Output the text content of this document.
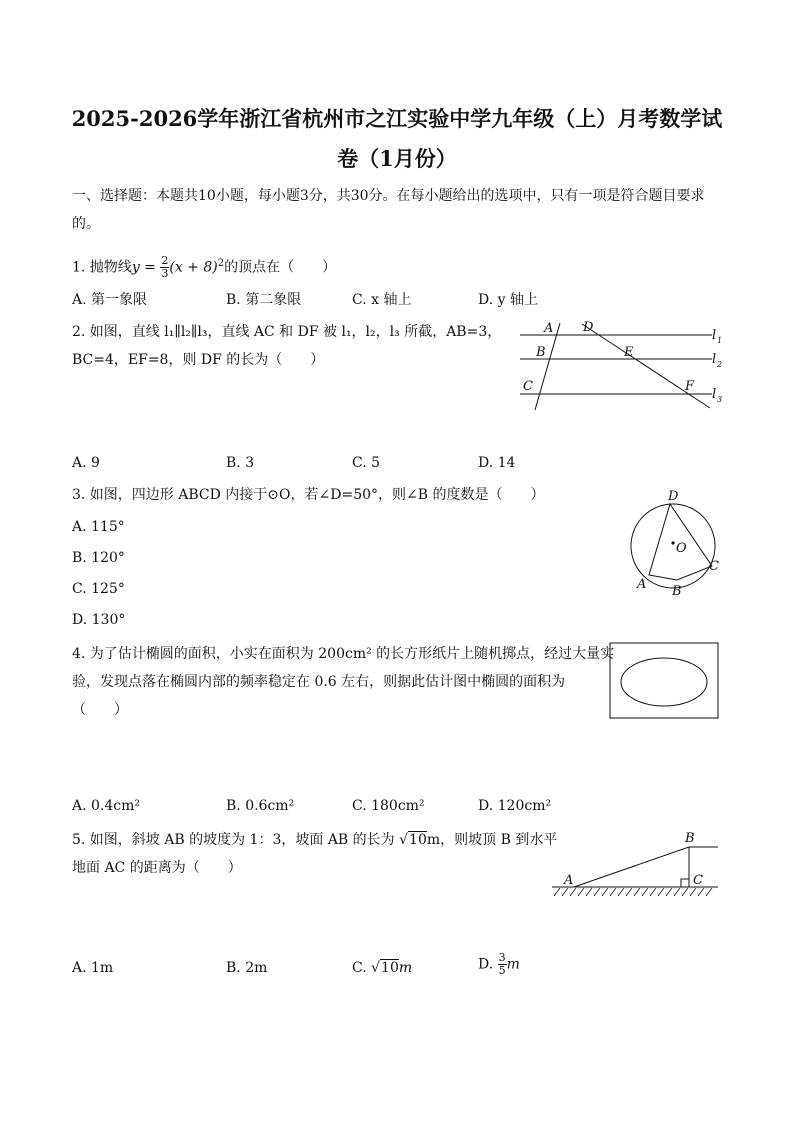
2025-2026学年浙江省杭州市之江实验中学九年级（上）月考数学试
卷（1月份）
一、选择题：本题共10小题，每小题3分，共30分。在每小题给出的选项中，只有一项是符合题目要求
的。
1. 抛物线$y = \frac{2}{3} (x + 8)^2$的顶点在（　　）
A. 第一象限	B. 第二象限	C. x 轴上	D. y 轴上
2. 如图，直线 l₁∥l₂∥l₃，直线 AC 和 DF 被 l₁，l₂，l₃ 所截，AB=3，
BC=4，EF=8，则 DF 的长为（　　）
A D
B	E
C	F
l 1
l 2
l 3
A. 9	B. 3	C. 5	D. 14
3. 如图，四边形 ABCD 内接于⊙O，若∠D=50°，则∠B 的度数是（　　）
A. 115°
B. 120°
C. 125°
D. 130°
D
O
C
A B
4. 为了估计椭圆的面积，小实在面积为 200cm² 的长方形纸片上随机掷点，经过大量实
验，发现点落在椭圆内部的频率稳定在 0.6 左右，则据此估计图中椭圆的面积为
（　　）
A. 0.4cm²	B. 0.6cm²	C. 180cm²	D. 120cm²
5. 如图，斜坡 AB 的坡度为 1：3，坡面 AB 的长为 √10m，则坡顶 B 到水平
地面 AC 的距离为（　　）
B
A	C
A. 1m	B. 2m	C. √10m	D. $\frac{3}{5}$ m
